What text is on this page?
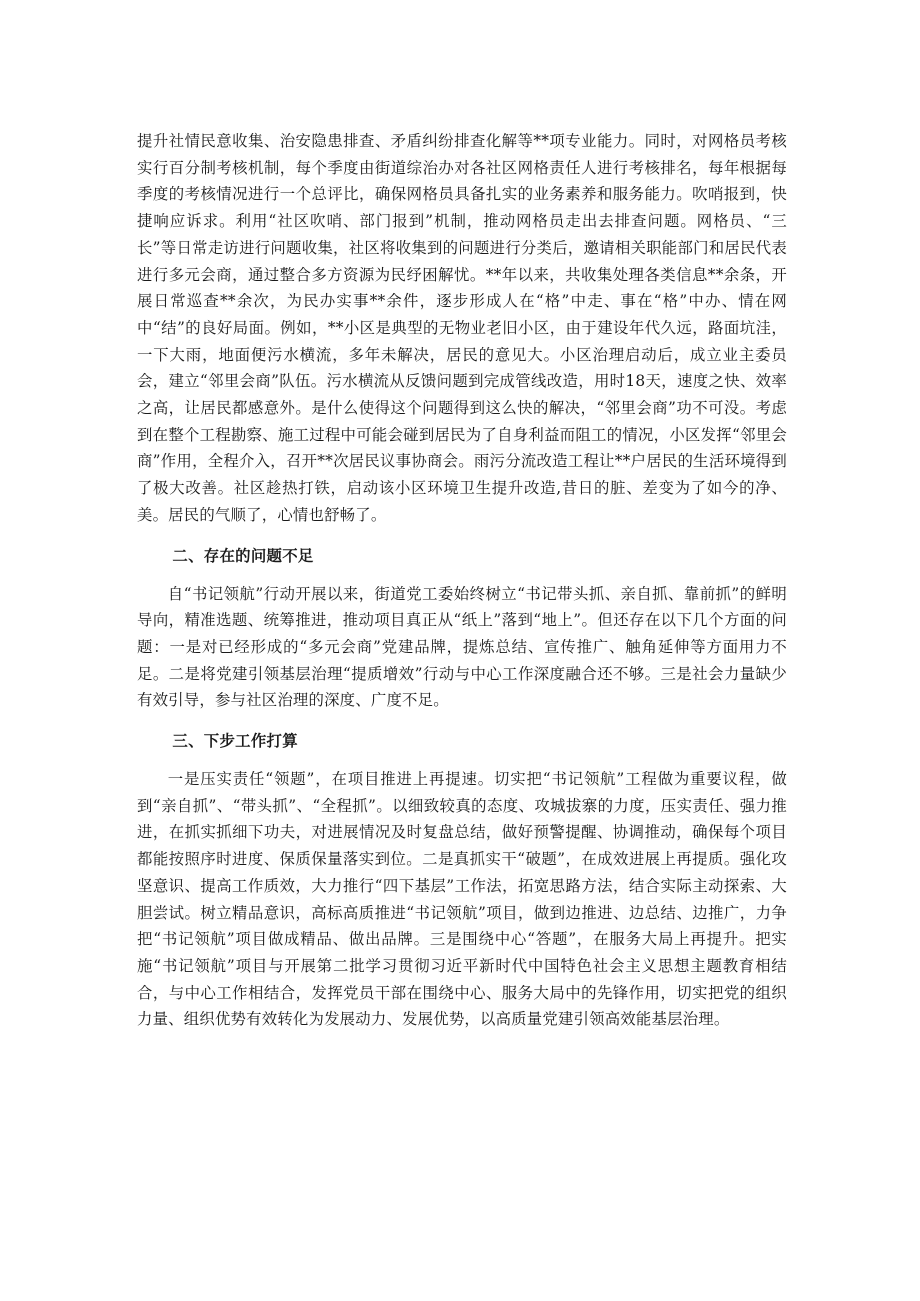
提升社情民意收集、治安隐患排查、矛盾纠纷排查化解等**项专业能力。同时，对网格员考核实行百分制考核机制，每个季度由街道综治办对各社区网格责任人进行考核排名，每年根据每季度的考核情况进行一个总评比，确保网格员具备扎实的业务素养和服务能力。吹哨报到，快捷响应诉求。利用“社区吹哨、部门报到”机制，推动网格员走出去排查问题。网格员、“三长”等日常走访进行问题收集，社区将收集到的问题进行分类后，邀请相关职能部门和居民代表进行多元会商，通过整合多方资源为民纾困解忧。**年以来，共收集处理各类信息**余条，开展日常巡查**余次，为民办实事**余件，逐步形成人在“格”中走、事在“格”中办、情在网中“结”的良好局面。例如，**小区是典型的无物业老旧小区，由于建设年代久远，路面坑洼，一下大雨，地面便污水横流，多年未解决，居民的意见大。小区治理启动后，成立业主委员会，建立“邻里会商”队伍。污水横流从反馈问题到完成管线改造，用时18天，速度之快、效率之高，让居民都感意外。是什么使得这个问题得到这么快的解决，“邻里会商”功不可没。考虑到在整个工程勘察、施工过程中可能会碰到居民为了自身利益而阻工的情况，小区发挥“邻里会商”作用，全程介入，召开**次居民议事协商会。雨污分流改造工程让**户居民的生活环境得到了极大改善。社区趁热打铁，启动该小区环境卫生提升改造,昔日的脏、差变为了如今的净、美。居民的气顺了，心情也舒畅了。

二、存在的问题不足

自“书记领航”行动开展以来，街道党工委始终树立“书记带头抓、亲自抓、靠前抓”的鲜明导向，精准选题、统筹推进，推动项目真正从“纸上”落到“地上”。但还存在以下几个方面的问题：一是对已经形成的“多元会商”党建品牌，提炼总结、宣传推广、触角延伸等方面用力不足。二是将党建引领基层治理“提质增效”行动与中心工作深度融合还不够。三是社会力量缺少有效引导，参与社区治理的深度、广度不足。

三、下步工作打算

一是压实责任“领题”，在项目推进上再提速。切实把“书记领航”工程做为重要议程，做到“亲自抓”、“带头抓”、“全程抓”。以细致较真的态度、攻城拔寨的力度，压实责任、强力推进，在抓实抓细下功夫，对进展情况及时复盘总结，做好预警提醒、协调推动，确保每个项目都能按照序时进度、保质保量落实到位。二是真抓实干“破题”，在成效进展上再提质。强化攻坚意识、提高工作质效，大力推行“四下基层”工作法，拓宽思路方法，结合实际主动探索、大胆尝试。树立精品意识，高标高质推进“书记领航”项目，做到边推进、边总结、边推广，力争把“书记领航”项目做成精品、做出品牌。三是围绕中心“答题”，在服务大局上再提升。把实施“书记领航”项目与开展第二批学习贯彻习近平新时代中国特色社会主义思想主题教育相结合，与中心工作相结合，发挥党员干部在围绕中心、服务大局中的先锋作用，切实把党的组织力量、组织优势有效转化为发展动力、发展优势，以高质量党建引领高效能基层治理。
